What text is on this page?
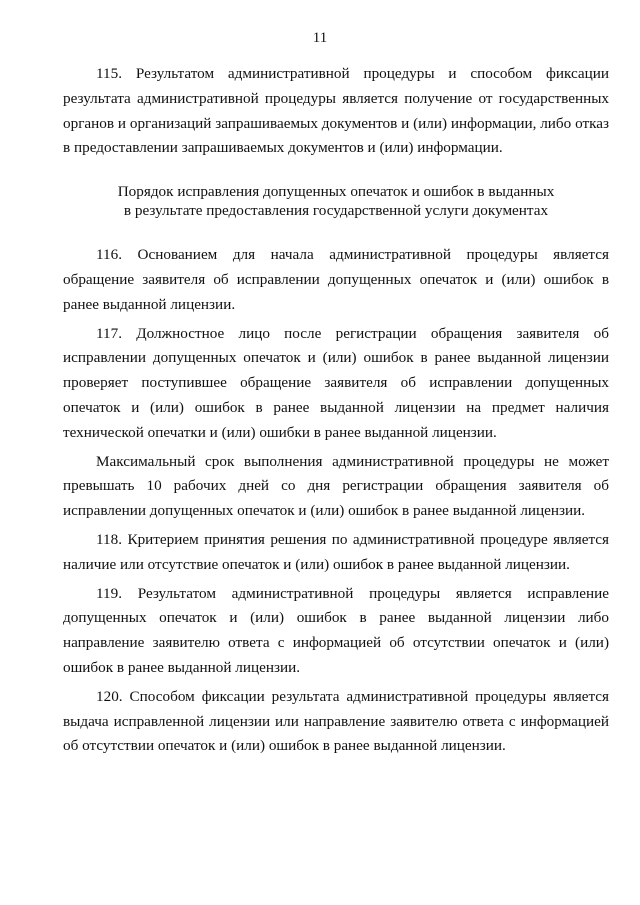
11

115. Результатом административной процедуры и способом фиксации результата административной процедуры является получение от государственных органов и организаций запрашиваемых документов и (или) информации, либо отказ в предоставлении запрашиваемых документов и (или) информации.

Порядок исправления допущенных опечаток и ошибок в выданных
в результате предоставления государственной услуги документах

116. Основанием для начала административной процедуры является обращение заявителя об исправлении допущенных опечаток и (или) ошибок в ранее выданной лицензии.

117. Должностное лицо после регистрации обращения заявителя об исправлении допущенных опечаток и (или) ошибок в ранее выданной лицензии проверяет поступившее обращение заявителя об исправлении допущенных опечаток и (или) ошибок в ранее выданной лицензии на предмет наличия технической опечатки и (или) ошибки в ранее выданной лицензии.

Максимальный срок выполнения административной процедуры не может превышать 10 рабочих дней со дня регистрации обращения заявителя об исправлении допущенных опечаток и (или) ошибок в ранее выданной лицензии.

118. Критерием принятия решения по административной процедуре является наличие или отсутствие опечаток и (или) ошибок в ранее выданной лицензии.

119. Результатом административной процедуры является исправление допущенных опечаток и (или) ошибок в ранее выданной лицензии либо направление заявителю ответа с информацией об отсутствии опечаток и (или) ошибок в ранее выданной лицензии.

120. Способом фиксации результата административной процедуры является выдача исправленной лицензии или направление заявителю ответа с информацией об отсутствии опечаток и (или) ошибок в ранее выданной лицензии.
